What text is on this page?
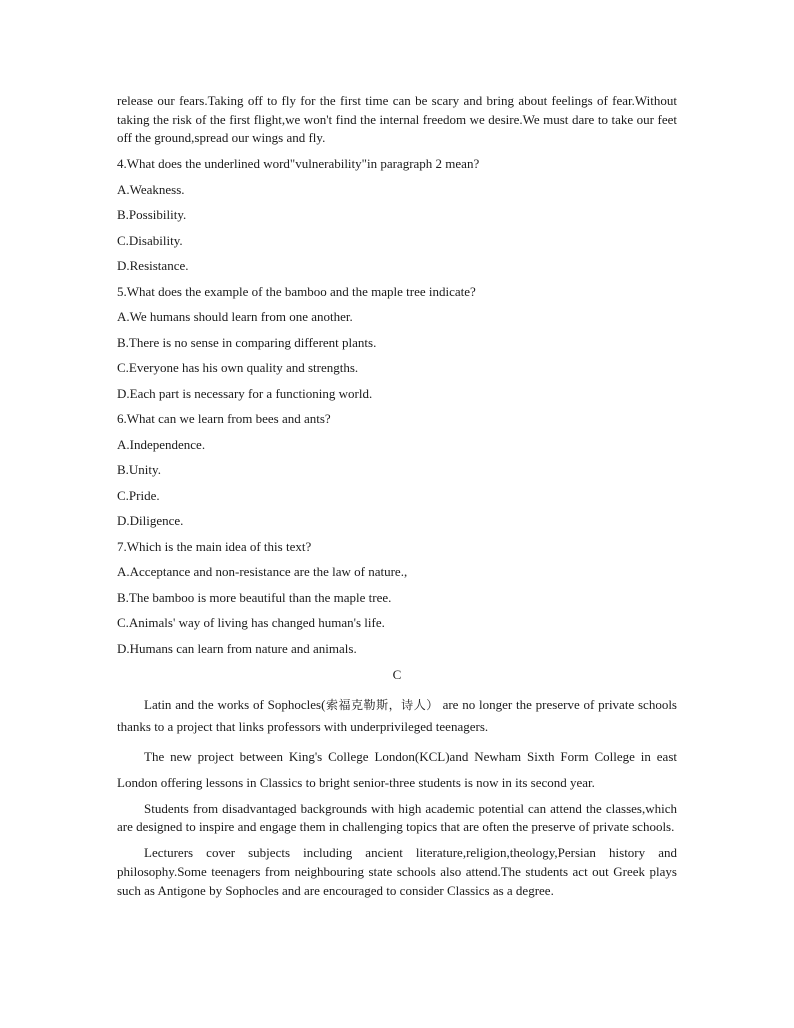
release our fears.Taking off to fly for the first time can be scary and bring about feelings of fear.Without taking the risk of the first flight,we won't find the internal freedom we desire.We must dare to take our feet off the ground,spread our wings and fly.

4.What does the underlined word"vulnerability"in paragraph 2 mean?

A.Weakness.

B.Possibility.

C.Disability.

D.Resistance.

5.What does the example of the bamboo and the maple tree indicate?

A.We humans should learn from one another.

B.There is no sense in comparing different plants.

C.Everyone has his own quality and strengths.

D.Each part is necessary for a functioning world.

6.What can we learn from bees and ants?

A.Independence.

B.Unity.

C.Pride.

D.Diligence.

7.Which is the main idea of this text?

A.Acceptance and non-resistance are the law of nature.,

B.The bamboo is more beautiful than the maple tree.

C.Animals' way of living has changed human's life.

D.Humans can learn from nature and animals.

C

Latin and the works of Sophocles(索福克勒斯，诗人） are no longer the preserve of private schools thanks to a project that links professors with underprivileged teenagers.

The new project between King's College London(KCL)and Newham Sixth Form College in east London offering lessons in Classics to bright senior-three students is now in its second year.

Students from disadvantaged backgrounds with high academic potential can attend the classes,which are designed to inspire and engage them in challenging topics that are often the preserve of private schools.

Lecturers cover subjects including ancient literature,religion,theology,Persian history and philosophy.Some teenagers from neighbouring state schools also attend.The students act out Greek plays such as Antigone by Sophocles and are encouraged to consider Classics as a degree.
